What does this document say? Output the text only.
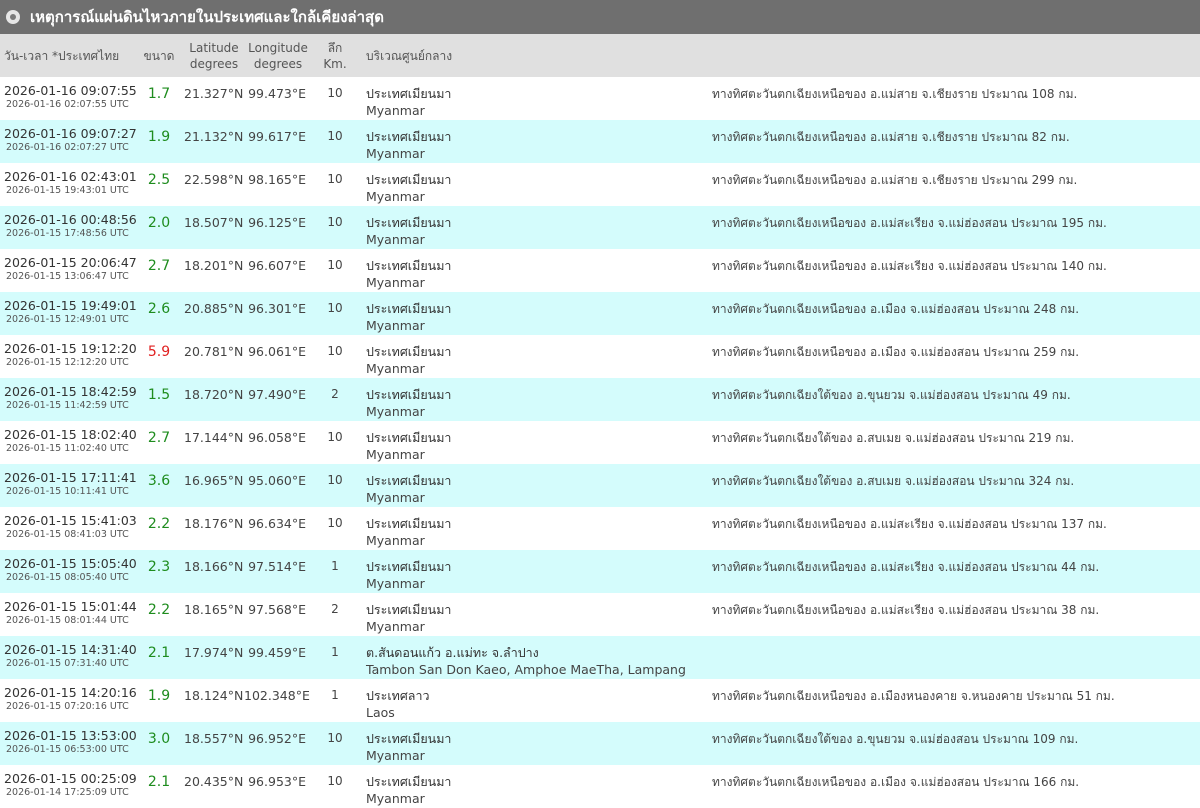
เหตุการณ์แผ่นดินไหวภายในประเทศและใกล้เคียงล่าสุด
วัน-เวลา *ประเทศไทย	ขนาด	Latitude
degrees	Longitude
degrees	ลึก
Km.	บริเวณศูนย์กลาง	

2026-01-16 09:07:55
2026-01-16 02:07:55 UTC	1.7	21.327°N	99.473°E	10	ประเทศเมียนมา
Myanmar	ทางทิศตะวันตกเฉียงเหนือของ อ.แม่สาย จ.เชียงราย ประมาณ 108 กม.

2026-01-16 09:07:27
2026-01-16 02:07:27 UTC	1.9	21.132°N	99.617°E	10	ประเทศเมียนมา
Myanmar	ทางทิศตะวันตกเฉียงเหนือของ อ.แม่สาย จ.เชียงราย ประมาณ 82 กม.

2026-01-16 02:43:01
2026-01-15 19:43:01 UTC	2.5	22.598°N	98.165°E	10	ประเทศเมียนมา
Myanmar	ทางทิศตะวันตกเฉียงเหนือของ อ.แม่สาย จ.เชียงราย ประมาณ 299 กม.

2026-01-16 00:48:56
2026-01-15 17:48:56 UTC	2.0	18.507°N	96.125°E	10	ประเทศเมียนมา
Myanmar	ทางทิศตะวันตกเฉียงเหนือของ อ.แม่สะเรียง จ.แม่ฮ่องสอน ประมาณ 195 กม.

2026-01-15 20:06:47
2026-01-15 13:06:47 UTC	2.7	18.201°N	96.607°E	10	ประเทศเมียนมา
Myanmar	ทางทิศตะวันตกเฉียงเหนือของ อ.แม่สะเรียง จ.แม่ฮ่องสอน ประมาณ 140 กม.

2026-01-15 19:49:01
2026-01-15 12:49:01 UTC	2.6	20.885°N	96.301°E	10	ประเทศเมียนมา
Myanmar	ทางทิศตะวันตกเฉียงเหนือของ อ.เมือง จ.แม่ฮ่องสอน ประมาณ 248 กม.

2026-01-15 19:12:20
2026-01-15 12:12:20 UTC	5.9	20.781°N	96.061°E	10	ประเทศเมียนมา
Myanmar	ทางทิศตะวันตกเฉียงเหนือของ อ.เมือง จ.แม่ฮ่องสอน ประมาณ 259 กม.

2026-01-15 18:42:59
2026-01-15 11:42:59 UTC	1.5	18.720°N	97.490°E	2	ประเทศเมียนมา
Myanmar	ทางทิศตะวันตกเฉียงใต้ของ อ.ขุนยวม จ.แม่ฮ่องสอน ประมาณ 49 กม.

2026-01-15 18:02:40
2026-01-15 11:02:40 UTC	2.7	17.144°N	96.058°E	10	ประเทศเมียนมา
Myanmar	ทางทิศตะวันตกเฉียงใต้ของ อ.สบเมย จ.แม่ฮ่องสอน ประมาณ 219 กม.

2026-01-15 17:11:41
2026-01-15 10:11:41 UTC	3.6	16.965°N	95.060°E	10	ประเทศเมียนมา
Myanmar	ทางทิศตะวันตกเฉียงใต้ของ อ.สบเมย จ.แม่ฮ่องสอน ประมาณ 324 กม.

2026-01-15 15:41:03
2026-01-15 08:41:03 UTC	2.2	18.176°N	96.634°E	10	ประเทศเมียนมา
Myanmar	ทางทิศตะวันตกเฉียงเหนือของ อ.แม่สะเรียง จ.แม่ฮ่องสอน ประมาณ 137 กม.

2026-01-15 15:05:40
2026-01-15 08:05:40 UTC	2.3	18.166°N	97.514°E	1	ประเทศเมียนมา
Myanmar	ทางทิศตะวันตกเฉียงเหนือของ อ.แม่สะเรียง จ.แม่ฮ่องสอน ประมาณ 44 กม.

2026-01-15 15:01:44
2026-01-15 08:01:44 UTC	2.2	18.165°N	97.568°E	2	ประเทศเมียนมา
Myanmar	ทางทิศตะวันตกเฉียงเหนือของ อ.แม่สะเรียง จ.แม่ฮ่องสอน ประมาณ 38 กม.

2026-01-15 14:31:40
2026-01-15 07:31:40 UTC	2.1	17.974°N	99.459°E	1	ต.สันดอนแก้ว อ.แม่ทะ จ.ลำปาง
Tambon San Don Kaeo, Amphoe MaeTha, Lampang	

2026-01-15 14:20:16
2026-01-15 07:20:16 UTC	1.9	18.124°N	102.348°E	1	ประเทศลาว
Laos	ทางทิศตะวันตกเฉียงเหนือของ อ.เมืองหนองคาย จ.หนองคาย ประมาณ 51 กม.

2026-01-15 13:53:00
2026-01-15 06:53:00 UTC	3.0	18.557°N	96.952°E	10	ประเทศเมียนมา
Myanmar	ทางทิศตะวันตกเฉียงใต้ของ อ.ขุนยวม จ.แม่ฮ่องสอน ประมาณ 109 กม.

2026-01-15 00:25:09
2026-01-14 17:25:09 UTC	2.1	20.435°N	96.953°E	10	ประเทศเมียนมา
Myanmar	ทางทิศตะวันตกเฉียงเหนือของ อ.เมือง จ.แม่ฮ่องสอน ประมาณ 166 กม.
